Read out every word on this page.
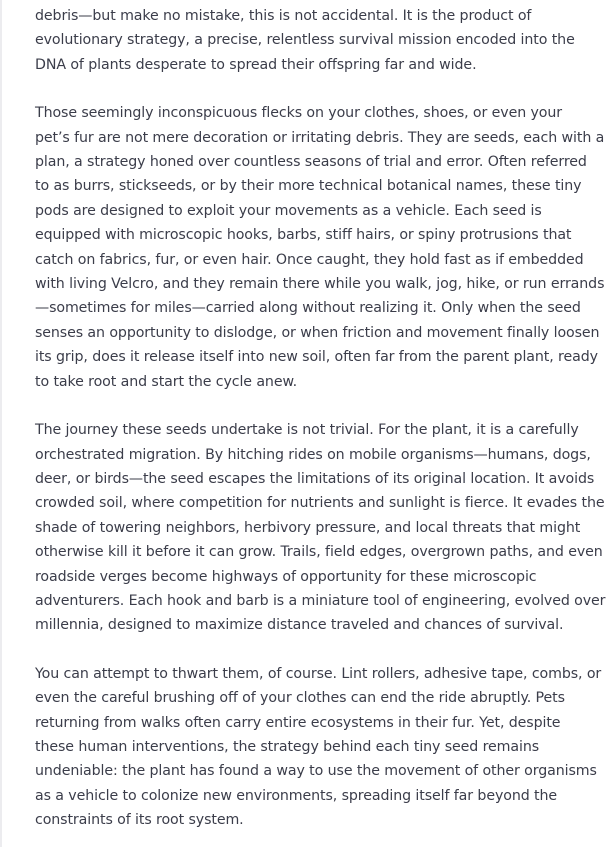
debris—but make no mistake, this is not accidental. It is the product of
evolutionary strategy, a precise, relentless survival mission encoded into the
DNA of plants desperate to spread their offspring far and wide.

Those seemingly inconspicuous flecks on your clothes, shoes, or even your
pet’s fur are not mere decoration or irritating debris. They are seeds, each with a
plan, a strategy honed over countless seasons of trial and error. Often referred
to as burrs, stickseeds, or by their more technical botanical names, these tiny
pods are designed to exploit your movements as a vehicle. Each seed is
equipped with microscopic hooks, barbs, stiff hairs, or spiny protrusions that
catch on fabrics, fur, or even hair. Once caught, they hold fast as if embedded
with living Velcro, and they remain there while you walk, jog, hike, or run errands
—sometimes for miles—carried along without realizing it. Only when the seed
senses an opportunity to dislodge, or when friction and movement finally loosen
its grip, does it release itself into new soil, often far from the parent plant, ready
to take root and start the cycle anew.

The journey these seeds undertake is not trivial. For the plant, it is a carefully
orchestrated migration. By hitching rides on mobile organisms—humans, dogs,
deer, or birds—the seed escapes the limitations of its original location. It avoids
crowded soil, where competition for nutrients and sunlight is fierce. It evades the
shade of towering neighbors, herbivory pressure, and local threats that might
otherwise kill it before it can grow. Trails, field edges, overgrown paths, and even
roadside verges become highways of opportunity for these microscopic
adventurers. Each hook and barb is a miniature tool of engineering, evolved over
millennia, designed to maximize distance traveled and chances of survival.

You can attempt to thwart them, of course. Lint rollers, adhesive tape, combs, or
even the careful brushing off of your clothes can end the ride abruptly. Pets
returning from walks often carry entire ecosystems in their fur. Yet, despite
these human interventions, the strategy behind each tiny seed remains
undeniable: the plant has found a way to use the movement of other organisms
as a vehicle to colonize new environments, spreading itself far beyond the
constraints of its root system.
